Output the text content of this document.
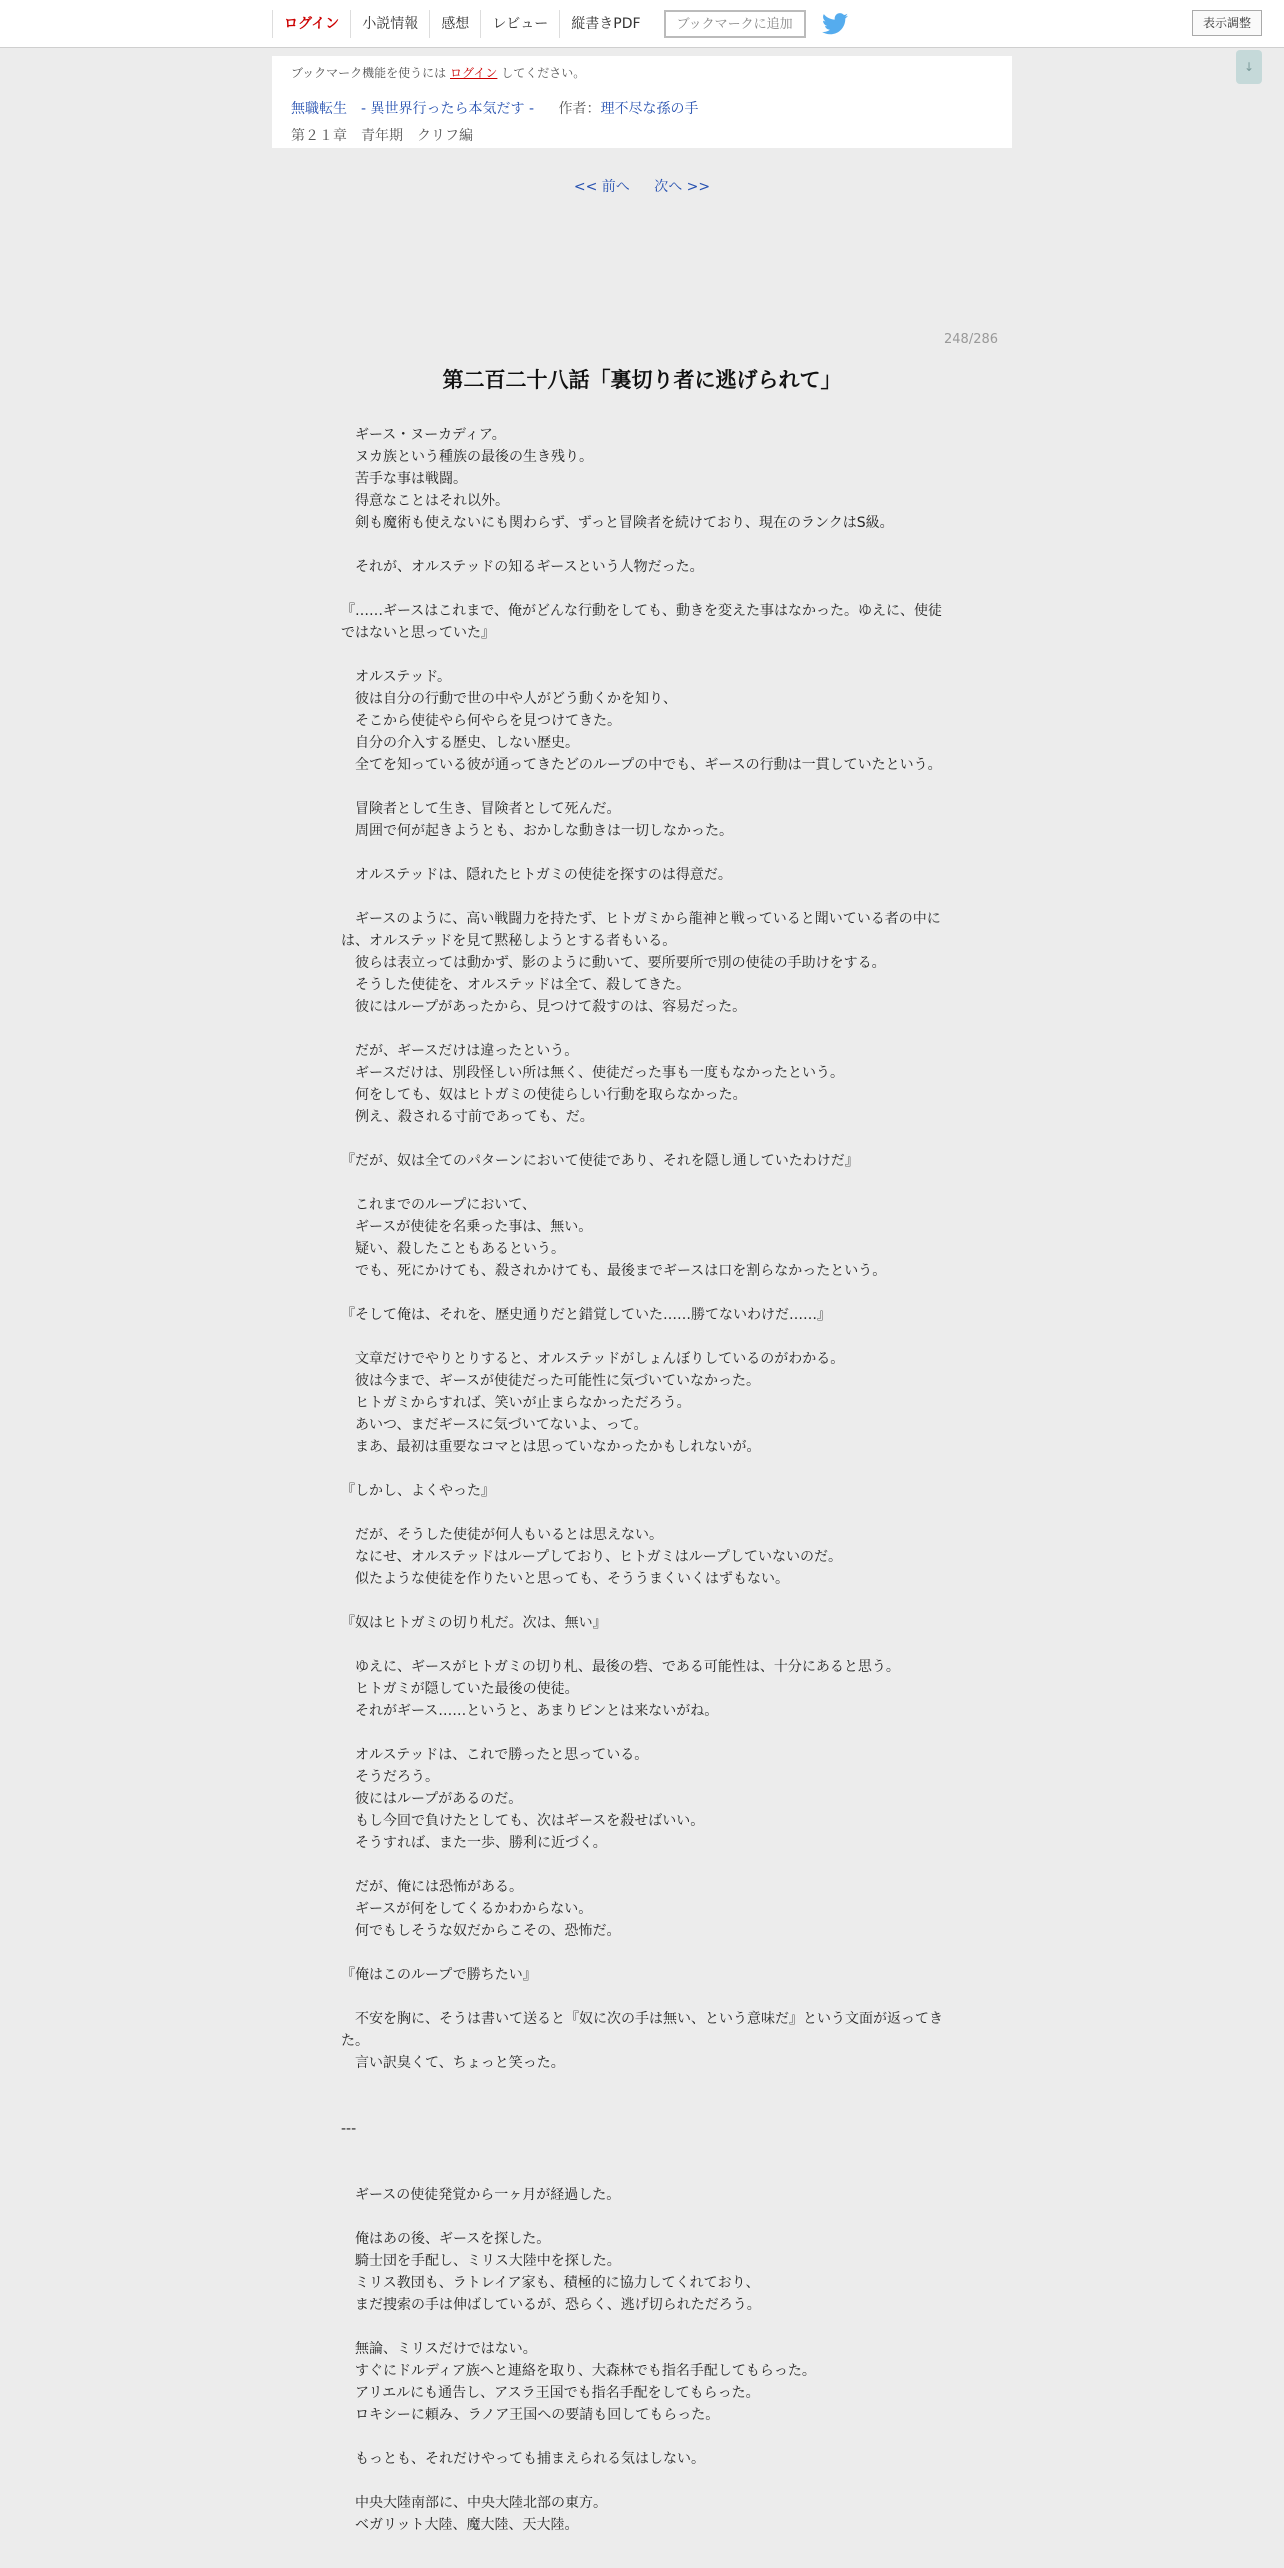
ログイン	小説情報	感想	レビュー	縦書きPDF	ブックマークに追加	表示調整
↓
ブックマーク機能を使うには ログイン してください。
無職転生　- 異世界行ったら本気だす - 作者：理不尽な孫の手
第２１章　青年期　クリフ編
<< 前へ 次へ >>
248/286
第二百二十八話「裏切り者に逃げられて」

　ギース・ヌーカディア。

　ヌカ族という種族の最後の生き残り。

　苦手な事は戦闘。

　得意なことはそれ以外。

　剣も魔術も使えないにも関わらず、ずっと冒険者を続けており、現在のランクはS級。

　それが、オルステッドの知るギースという人物だった。

『……ギースはこれまで、俺がどんな行動をしても、動きを変えた事はなかった。ゆえに、使徒ではないと思っていた』

　オルステッド。

　彼は自分の行動で世の中や人がどう動くかを知り、

　そこから使徒やら何やらを見つけてきた。

　自分の介入する歴史、しない歴史。

　全てを知っている彼が通ってきたどのループの中でも、ギースの行動は一貫していたという。

　冒険者として生き、冒険者として死んだ。

　周囲で何が起きようとも、おかしな動きは一切しなかった。

　オルステッドは、隠れたヒトガミの使徒を探すのは得意だ。

　ギースのように、高い戦闘力を持たず、ヒトガミから龍神と戦っていると聞いている者の中には、オルステッドを見て黙秘しようとする者もいる。

　彼らは表立っては動かず、影のように動いて、要所要所で別の使徒の手助けをする。

　そうした使徒を、オルステッドは全て、殺してきた。

　彼にはループがあったから、見つけて殺すのは、容易だった。

　だが、ギースだけは違ったという。

　ギースだけは、別段怪しい所は無く、使徒だった事も一度もなかったという。

　何をしても、奴はヒトガミの使徒らしい行動を取らなかった。

　例え、殺される寸前であっても、だ。

『だが、奴は全てのパターンにおいて使徒であり、それを隠し通していたわけだ』

　これまでのループにおいて、

　ギースが使徒を名乗った事は、無い。

　疑い、殺したこともあるという。

　でも、死にかけても、殺されかけても、最後までギースは口を割らなかったという。

『そして俺は、それを、歴史通りだと錯覚していた……勝てないわけだ……』

　文章だけでやりとりすると、オルステッドがしょんぼりしているのがわかる。

　彼は今まで、ギースが使徒だった可能性に気づいていなかった。

　ヒトガミからすれば、笑いが止まらなかっただろう。

　あいつ、まだギースに気づいてないよ、って。

　まあ、最初は重要なコマとは思っていなかったかもしれないが。

『しかし、よくやった』

　だが、そうした使徒が何人もいるとは思えない。

　なにせ、オルステッドはループしており、ヒトガミはループしていないのだ。

　似たような使徒を作りたいと思っても、そううまくいくはずもない。

『奴はヒトガミの切り札だ。次は、無い』

　ゆえに、ギースがヒトガミの切り札、最後の砦、である可能性は、十分にあると思う。

　ヒトガミが隠していた最後の使徒。

　それがギース……というと、あまりピンとは来ないがね。

　オルステッドは、これで勝ったと思っている。

　そうだろう。

　彼にはループがあるのだ。

　もし今回で負けたとしても、次はギースを殺せばいい。

　そうすれば、また一歩、勝利に近づく。

　だが、俺には恐怖がある。

　ギースが何をしてくるかわからない。

　何でもしそうな奴だからこその、恐怖だ。

『俺はこのループで勝ちたい』

　不安を胸に、そうは書いて送ると『奴に次の手は無い、という意味だ』という文面が返ってきた。

　言い訳臭くて、ちょっと笑った。

---

　ギースの使徒発覚から一ヶ月が経過した。

　俺はあの後、ギースを探した。

　騎士団を手配し、ミリス大陸中を探した。

　ミリス教団も、ラトレイア家も、積極的に協力してくれており、

　まだ捜索の手は伸ばしているが、恐らく、逃げ切られただろう。

　無論、ミリスだけではない。

　すぐにドルディア族へと連絡を取り、大森林でも指名手配してもらった。

　アリエルにも通告し、アスラ王国でも指名手配をしてもらった。

　ロキシーに頼み、ラノア王国への要請も回してもらった。

　もっとも、それだけやっても捕まえられる気はしない。

　中央大陸南部に、中央大陸北部の東方。

　ベガリット大陸、魔大陸、天大陸。
